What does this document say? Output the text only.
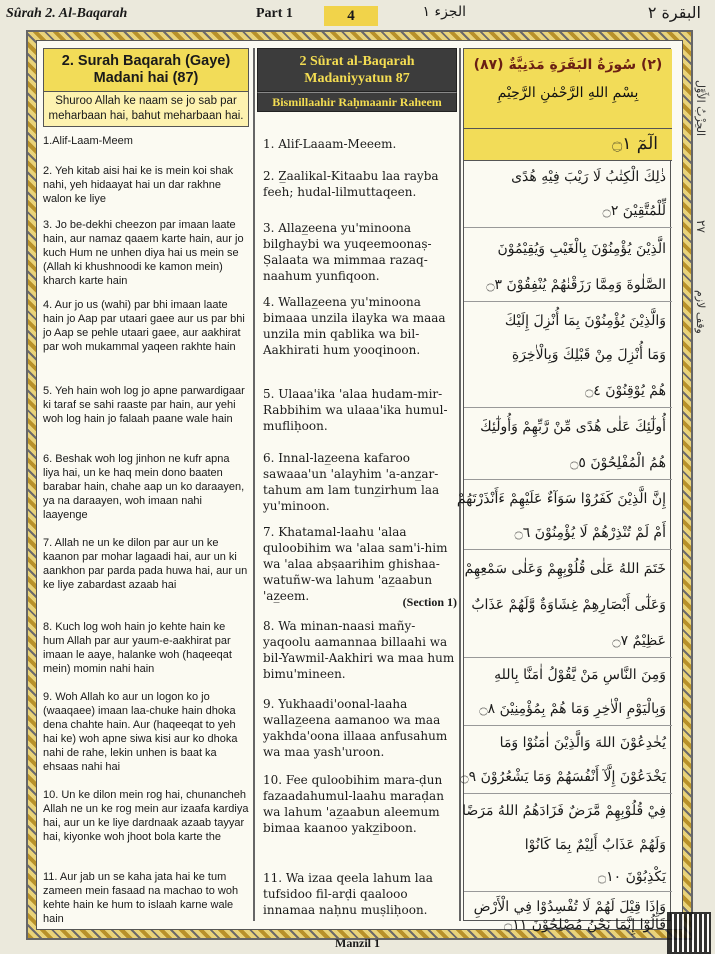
Sûrah 2. Al-Baqarah	Part 1	4	الجزء ١	البقرة ٢
الحِزْبُ الأَوَّل
٢٧
وقف لازم
2. Surah Baqarah (Gaye) Madani hai (87)
Shuroo Allah ke naam se jo sab par meharbaan hai, bahut meharbaan hai.
1.Alif-Laam-Meem
2. Yeh kitab aisi hai ke is mein koi shak nahi, yeh hidaayat hai un dar rakhne walon ke liye
3. Jo be-dekhi cheezon par imaan laate hain, aur namaz qaaem karte hain, aur jo kuch Hum ne unhen diya hai us mein se (Allah ki khushnoodi ke kamon mein) kharch karte hain
4. Aur jo us (wahi) par bhi imaan laate hain jo Aap par utaari gaee aur us par bhi jo Aap se pehle utaari gaee, aur aakhirat par woh mukammal yaqeen rakhte hain
5. Yeh hain woh log jo apne parwardigaar ki taraf se sahi raaste par hain, aur yehi woh log hain jo falaah paane wale hain
6. Beshak woh log jinhon ne kufr apna liya hai, un ke haq mein dono baaten barabar hain, chahe aap un ko daraayen, ya na daraayen, woh imaan nahi laayenge
7. Allah ne un ke dilon par aur un ke kaanon par mohar lagaadi hai, aur un ki aankhon par parda pada huwa hai, aur un ke liye zabardast azaab hai
8. Kuch log woh hain jo kehte hain ke hum Allah par aur yaum-e-aakhirat par imaan le aaye, halanke woh (haqeeqat mein) momin nahi hain
9. Woh Allah ko aur un logon ko jo (waaqaee) imaan laa-chuke hain dhoka dena chahte hain. Aur (haqeeqat to yeh hai ke) woh apne siwa kisi aur ko dhoka nahi de rahe, lekin unhen is baat ka ehsaas nahi hai
10. Un ke dilon mein rog hai, chunancheh Allah ne un ke rog mein aur izaafa kardiya hai, aur un ke liye dardnaak azaab tayyar hai, kiyonke woh jhoot bola karte the
11. Aur jab un se kaha jata hai ke tum zameen mein fasaad na machao to woh kehte hain ke hum to islaah karne wale hain
2 Sûrat al-Baqarah Madaniyyatun 87
Bismillaahir Raḥmaanir Raheem
1. Alif-Laaam-Meeem.
2. Z̲aalikal-Kitaabu laa rayba feeh; hudal-lilmuttaqeen.
3. Allaz̲eena yu'minoona bilghaybi wa yuqeemoonaṣ-Ṣalaata wa mimmaa razaq-naahum yunfiqoon.
4. Wallaz̲eena yu'minoona bimaaa unzila ilayka wa maaa unzila min qablika wa bil-Aakhirati hum yooqinoon.
5. Ulaaa'ika 'alaa hudam-mir-Rabbihim wa ulaaa'ika humul-mufliḥoon.
6. Innal-laz̲eena kafaroo sawaaa'un 'alayhim 'a-anz̲ar-tahum am lam tunz̲irhum laa yu'minoon.
7. Khatamal-laahu 'alaa quloobihim wa 'alaa sam'i-him wa 'alaa abṣaarihim ghishaa-watuñw-wa lahum 'az̲aabun 'az̲eem.	(Section 1)
8. Wa minan-naasi mañy-yaqoolu aamannaa billaahi wa bil-Yawmil-Aakhiri wa maa hum bimu'mineen.
9. Yukhaadi'oonal-laaha wallaz̲eena aamanoo wa maa yakhda'oona illaaa anfusahum wa maa yash'uroon.
10. Fee quloobihim mara-ḍun fazaadahumul-laahu maraḍan wa lahum 'az̲aabun aleemum bimaa kaanoo yakz̲iboon.
11. Wa izaa qeela lahum laa tufsidoo fil-arḍi qaalooo innamaa naḥnu muṣliḥoon.
(٢) سُورَةُ البَقَرَةِ مَدَنِيَّةٌ (٨٧)
بِسْمِ اللهِ الرَّحْمٰنِ الرَّحِيْمِ
الٓمٓ ۝١
ذٰلِكَ الْكِتٰبُ لَا رَيْبَ فِيْهِ هُدًى
لِّلْمُتَّقِيْنَ ۝٢
الَّذِيْنَ يُؤْمِنُوْنَ بِالْغَيْبِ وَيُقِيْمُوْنَ
الصَّلٰوةَ وَمِمَّا رَزَقْنٰهُمْ يُنْفِقُوْنَ ۝٣
وَالَّذِيْنَ يُؤْمِنُوْنَ بِمَا أُنْزِلَ إِلَيْكَ
وَمَا أُنْزِلَ مِنْ قَبْلِكَ وَبِالْاٰخِرَةِ
هُمْ يُوْقِنُوْنَ ۝٤
أُولٰٓئِكَ عَلٰى هُدًى مِّنْ رَّبِّهِمْ وَأُولٰٓئِكَ
هُمُ الْمُفْلِحُوْنَ ۝٥
إِنَّ الَّذِيْنَ كَفَرُوْا سَوَآءٌ عَلَيْهِمْ ءَأَنْذَرْتَهُمْ
أَمْ لَمْ تُنْذِرْهُمْ لَا يُؤْمِنُوْنَ ۝٦
خَتَمَ اللهُ عَلٰى قُلُوْبِهِمْ وَعَلٰى سَمْعِهِمْ
وَعَلٰٓى أَبْصَارِهِمْ غِشَاوَةٌ وَّلَهُمْ عَذَابٌ
عَظِيْمٌ ۝٧
وَمِنَ النَّاسِ مَنْ يَّقُوْلُ اٰمَنَّا بِاللهِ
وَبِالْيَوْمِ الْاٰخِرِ وَمَا هُمْ بِمُؤْمِنِيْنَ ۝٨
يُخٰدِعُوْنَ اللهَ وَالَّذِيْنَ اٰمَنُوْا وَمَا
يَخْدَعُوْنَ إِلَّآ أَنْفُسَهُمْ وَمَا يَشْعُرُوْنَ ۝٩
فِيْ قُلُوْبِهِمْ مَّرَضٌ فَزَادَهُمُ اللهُ مَرَضًا
وَلَهُمْ عَذَابٌ أَلِيْمٌ بِمَا كَانُوْا
يَكْذِبُوْنَ ۝١٠
وَإِذَا قِيْلَ لَهُمْ لَا تُفْسِدُوْا فِي الْأَرْضِ
قَالُوْٓا إِنَّمَا نَحْنُ مُصْلِحُوْنَ ۝١١
Manzil 1
